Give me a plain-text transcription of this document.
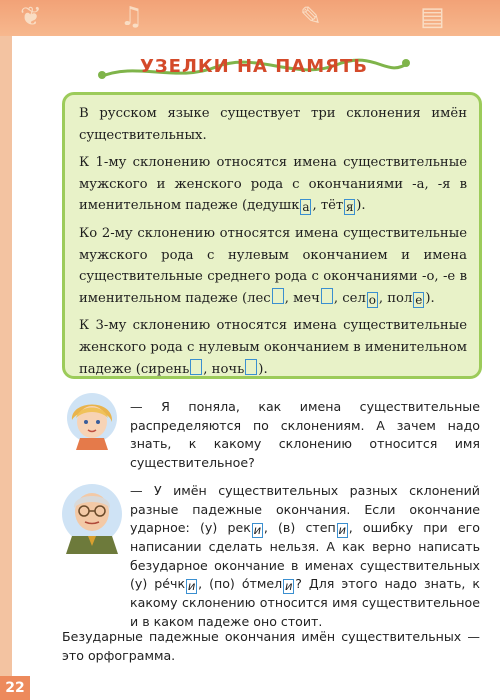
❦	♫	✎	▤
УЗЕЛКИ НА ПАМЯТЬ

В русском языке существует три склонения имён существительных.

К 1-му склонению относятся имена существительные мужского и женского рода с окончаниями -а, -я в именительном падеже (дедушк а , тёт я ).

Ко 2-му склонению относятся имена существительные мужского рода с нулевым окончанием и имена существительные среднего рода с окончаниями -о, -е в именительном падеже (лес , меч , сел о , пол е ).

К 3-му склонению относятся имена существительные женского рода с нулевым окончанием в именительном падеже (сирень , ночь ).

— Я поняла, как имена существительные распределяются по склонениям. А зачем надо знать, к какому склонению относится имя существительное?
— У имён существительных разных склонений разные падежные окончания. Если окончание ударное: (у) рек и , (в) степ и , ошибку при его написании сделать нельзя. А как верно написать безударное окончание в именах существительных (у) ре́чк и , (по) о́тмел и ? Для этого надо знать, к какому склонению относится имя существительное и в каком падеже оно стоит.
Безударные падежные окончания имён существительных — это орфограмма.
22
